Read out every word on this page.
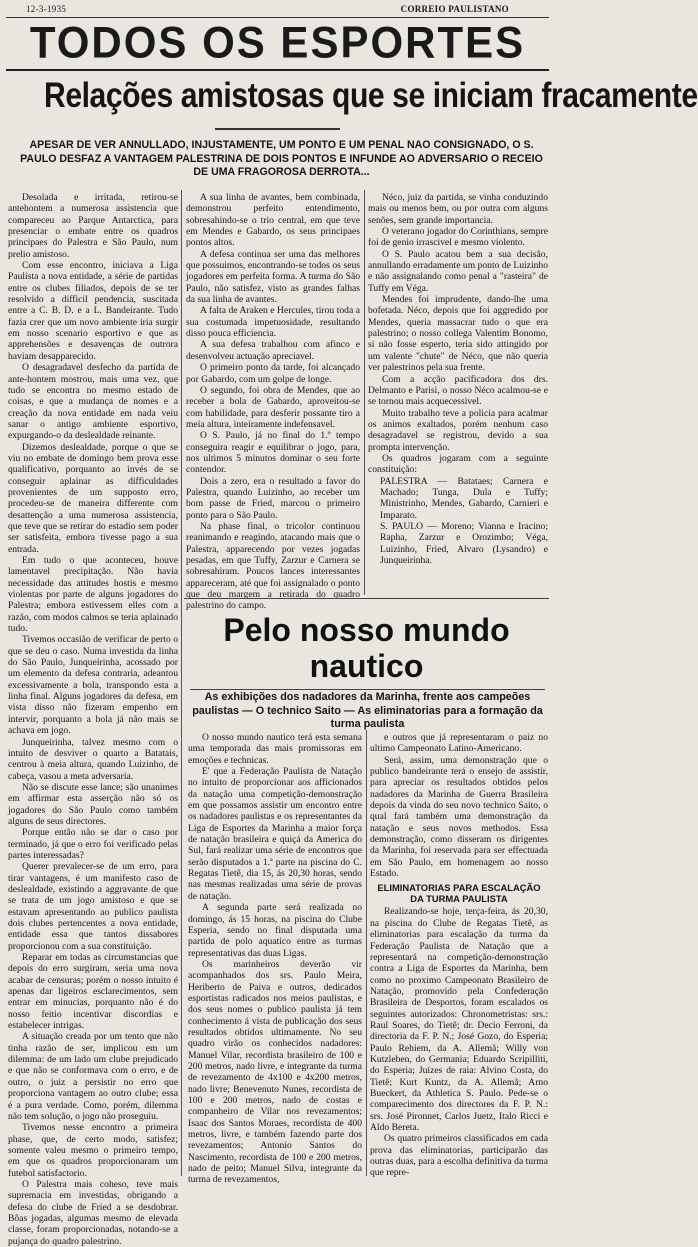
12-3-1935	CORREIO PAULISTANO
TODOS OS ESPORTES
Relações amistosas que se iniciam fracamente
APESAR DE VER ANNULLADO, INJUSTAMENTE, UM PONTO E UM PENAL NAO CONSIGNADO, O S. PAULO DESFAZ A VANTAGEM PALESTRINA DE DOIS PONTOS E INFUNDE AO ADVERSARIO O RECEIO DE UMA FRAGOROSA DERROTA...

Desolada e irritada, retirou-se antehontem a numerosa assistencia que compareceu ao Parque Antarctica, para presenciar o embate entre os quadros principaes do Palestra e São Paulo, num prelio amistoso.

Com esse encontro, iniciava a Liga Paulista a nova entidade, a série de partidas entre os clubes filiados, depois de se ter resolvido a difficil pendencia, suscitada entre a C. B. D. e a L. Bandeirante. Tudo fazia crer que um novo ambiente iria surgir em nosso scenario esportivo e que as apprehensões e desavenças de outrora haviam desapparecido.

O desagradavel desfecho da partida de ante-hontem mostrou, mais uma vez, que tudo se encontra no mesmo estado de coisas, e que a mudança de nomes e a creação da nova entidade em nada veiu sanar o antigo ambiente esportivo, expurgando-o da deslealdade reinante.

Dizemos deslealdade, porque o que se viu no embate de domingo bem prova esse qualificativo, porquanto ao invés de se conseguir aplainar as difficuldades provenientes de um supposto erro, procedeu-se de maneira differente com desattenção a uma numerosa assistencia, que teve que se retirar do estadio sem poder ser satisfeita, embora tivesse pago a sua entrada.

Em tudo o que aconteceu, houve lamentavel precipitação. Não havia necessidade das attitudes hostis e mesmo violentas por parte de alguns jogadores do Palestra; embora estivessem elles com a razão, com modos calmos se teria aplainado tudo.

Tivemos occasião de verificar de perto o que se deu o caso. Numa investida da linha do São Paulo, Junqueirinha, acossado por um elemento da defesa contraria, adeantou excessivamente a bola, transpondo esta a linha final. Alguns jogadores da defesa, em vista disso não fizeram empenho em intervir, porquanto a bola já não mais se achava em jogo.

Junqueirinha, talvez mesmo com o intuito de desviver o quarto a Batatais, centrou à meia altura, quando Luizinho, de cabeça, vasou a meta adversaria.

Não se discute esse lance; são unanimes em affirmar esta asserção não só os jogadores do São Paulo como também alguns de seus directores.

Porque então não se dar o caso por terminado, já que o erro foi verificado pelas partes interessadas?

Querer prevalecer-se de um erro, para tirar vantagens, é um manifesto caso de deslealdade, existindo a aggravante de que se trata de um jogo amistoso e que se estavam apresentando ao publico paulista dois clubes pertencentes a nova entidade, entidade essa que tantos dissabores proporcionou com a sua constituição.

Reparar em todas as circumstancias que depois do erro surgiram, seria uma nova acabar de censuras; porém o nosso intuito é apenas dar ligeiros esclarecimentos, sem entrar em minucias, porquanto não é do nosso feitio incentivar discordias e estabelecer intrigas.

A situação creada por um tento que não tinha razão de ser, implicou em um dilemma: de um lado um clube prejudicado e que não se conformava com o erro, e de outro, o juiz a persistir no erro que proporciona vantagem ao outro clube; essa é a pura verdade. Como, porém, dilemma não tem solução, o jogo não proseguiu.

Tivemos nesse encontro a primeira phase, que, de certo modo, satisfez; somente valeu mesmo o primeiro tempo, em que os quadros proporcionaram um futebol satisfactorio.

O Palestra mais coheso, teve mais supremacia em investidas, obrigando a defesa do clube de Fried a se desdobrar. Bôas jogadas, algumas mesmo de elevada classe, foram proporcionadas, notando-se a pujança do quadro palestrino.

A sua linha de avantes, bem combinada, demonstrou perfeito entendimento, sobresahindo-se o trio central, em que teve em Mendes e Gabardo, os seus principaes pontos altos.

A defesa continua ser uma das melhores que possuimos, encontrando-se todos os seus jogadores em perfeita forma. A turma do São Paulo, não satisfez, visto as grandes falhas da sua linha de avantes.

A falta de Araken e Hercules, tirou toda a sua costumada impetuosidade, resultando disso pouca efficiencia.

A sua defesa trabalhou com afinco e desenvolveu actuação apreciavel.

O primeiro ponto da tarde, foi alcançado por Gabardo, com um golpe de longe.

O segundo, foi obra de Mendes, que ao receber a bola de Gabardo, aproveitou-se com habilidade, para desferir possante tiro a meia altura, inteiramente indefensavel.

O S. Paulo, já no final do 1.º tempo conseguira reagir e equilibrar o jogo, para, nos ultimos 5 minutos dominar o seu forte contendor.

Dois a zero, era o resultado a favor do Palestra, quando Luizinho, ao receber um bom passe de Fried, marcou o primeiro ponto para o São Paulo.

Na phase final, o tricolor continuou reanimando e reagindo, atacando mais que o Palestra, apparecendo por vezes jogadas pesadas, em que Tuffy, Zarzur e Carnera se sobresahiram. Poucos lances interessantes appareceram, até que foi assignalado o ponto que deu margem a retirada do quadro palestrino do campo.

Néco, juiz da partida, se vinha conduzindo mais ou menos bem, ou por outra com alguns senões, sem grande importancia.

O veterano jogador do Corinthians, sempre foi de genio irrascivel e mesmo violento.

O S. Paulo acatou bem a sua decisão, annullando erradamente um ponto de Luizinho e não assignalando como penal a "rasteira" de Tuffy em Véga.

Mendes foi imprudente, dando-lhe uma bofetada. Néco, depois que foi aggredido por Mendes, queria massacrar tudo o que era palestrino; o nosso collega Valentim Bonomo, si não fosse esperto, teria sido attingido por um valente "chute" de Néco, que não queria ver palestrinos pela sua frente.

Com a acção pacificadora dos drs. Delmanto e Parisi, o nosso Néco acalmou-se e se tornou mais acquecessivel.

Muito trabalho teve a policia para acalmar os animos exaltados, porém nenhum caso desagradavel se registrou, devido a sua prompta intervenção.

Os quadros jogaram com a seguinte constituição:

PALESTRA — Batataes; Carnera e Machado; Tunga, Dula e Tuffy; Ministrinho, Mendes, Gabardo, Carnieri e Imparato.

S. PAULO — Moreno; Vianna e Iracino; Rapha, Zarzur e Orozimbo; Véga, Luizinho, Fried, Alvaro (Lysandro) e Junqueirinha.

Pelo nosso mundo nautico
As exhibições dos nadadores da Marinha, frente aos campeões paulistas — O technico Saito — As eliminatorias para a formação da turma paulista

O nosso mundo nautico terá esta semana uma temporada das mais promissoras em emoções e technicas.

E' que a Federação Paulista de Natação no intuito de proporcionar aos afficionados da natação uma competição-demonstração em que possamos assistir um encontro entre os nadadores paulistas e os representantes da Liga de Esportes da Marinha a maior força de natação brasileira e quiçá da America do Sul, fará realizar uma série de encontros que serão disputados a 1.ª parte na piscina do C. Regatas Tietê, dia 15, ás 20,30 horas, sendo nas mesmas realizadas uma série de provas de natação.

A segunda parte será realizada no domingo, ás 15 horas, na piscina do Clube Esperia, sendo no final disputada uma partida de polo aquatico entre as turmas representativas das duas Ligas.

Os marinheiros deverão vir acompanhados dos srs. Paulo Meira, Heriberto de Paiva e outros, dedicados esportistas radicados nos meios paulistas, e dos seus nomes o publico paulista já tem conhecimento á vista de publicação dos seus resultados obtidos ultimamente. No seu quadro virão os conhecidos nadadores: Manuel Vilar, recordista brasileiro de 100 e 200 metros, nado livre, e integrante da turma de revezamento de 4x100 e 4x200 metros, nado livre; Benevenuto Nunes, recordista de 100 e 200 metros, nado de costas e companheiro de Vilar nos revezamentos; Isaac dos Santos Moraes, recordista de 400 metros, livre, e também fazendo parte dos revezamentos; Antonio Santos do Nascimento, recordista de 100 e 200 metros, nado de peito; Manuel Silva, integrante da turma de revezamentos,

e outros que já representaram o paiz no ultimo Campeonato Latino-Americano.

Será, assim, uma demonstração que o publico bandeirante terá o ensejo de assistir, para apreciar os resultados obtidos pelos nadadores da Marinha de Guerra Brasileira depois da vinda do seu novo technico Saito, o qual fará também uma demonstração da natação e seus novos methodos. Essa demonstração, como disseram os dirigentes da Marinha, foi reservada para ser effectuada em São Paulo, em homenagem ao nosso Estado.

ELIMINATORIAS PARA ESCALAÇÃO DA TURMA PAULISTA

Realizando-se hoje, terça-feira, ás 20,30, na piscina do Clube de Regatas Tietê, as eliminatorias para escalação da turma da Federação Paulista de Natação que a representará na competição-demonstração contra a Liga de Esportes da Marinha, bem como no proximo Campeonato Brasileiro de Natação, promovido pela Confederação Brasileira de Desportos, foram escalados os seguintes autorizados: Chronometristas: srs.: Raul Soares, do Tietê; dr. Decio Ferroni, da directoria da F. P. N.; José Gozo, do Esperia; Paulo Rehiem, da A. Allemã; Willy von Kutzleben, do Germania; Eduardo Scripilliti, do Esperia; Juízes de raia: Alvino Costa, do Tietê; Kurt Kuntz, da A. Allemã; Arno Bueckert, da Athletica S. Paulo. Pede-se o comparecimento dos directores da F. P. N.: srs. José Pironnet, Carlos Juetz, Italo Ricci e Aldo Bereta.

Os quatro primeiros classificados em cada prova das eliminatorias, participarão das outras duas, para a escolha definitiva da turma que repre-
